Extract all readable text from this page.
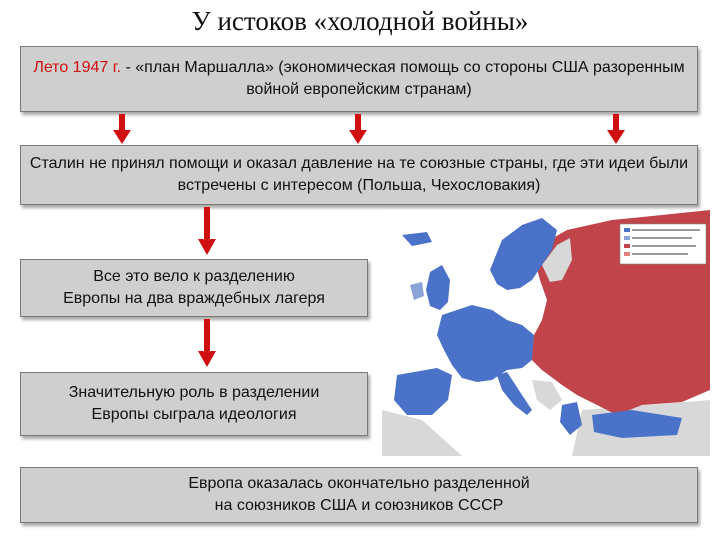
У истоков «холодной войны»

Лето 1947 г. - «план Маршалла» (экономическая помощь со стороны США разоренным войной европейским странам)

Сталин не принял помощи и оказал давление на те союзные страны, где эти идеи были встречены с интересом (Польша, Чехословакия)

Все это вело к разделению

Европы на два враждебных лагеря

Значительную роль в разделении

Европы сыграла идеология

Европа оказалась окончательно разделенной

на союзников США и союзников СССР
